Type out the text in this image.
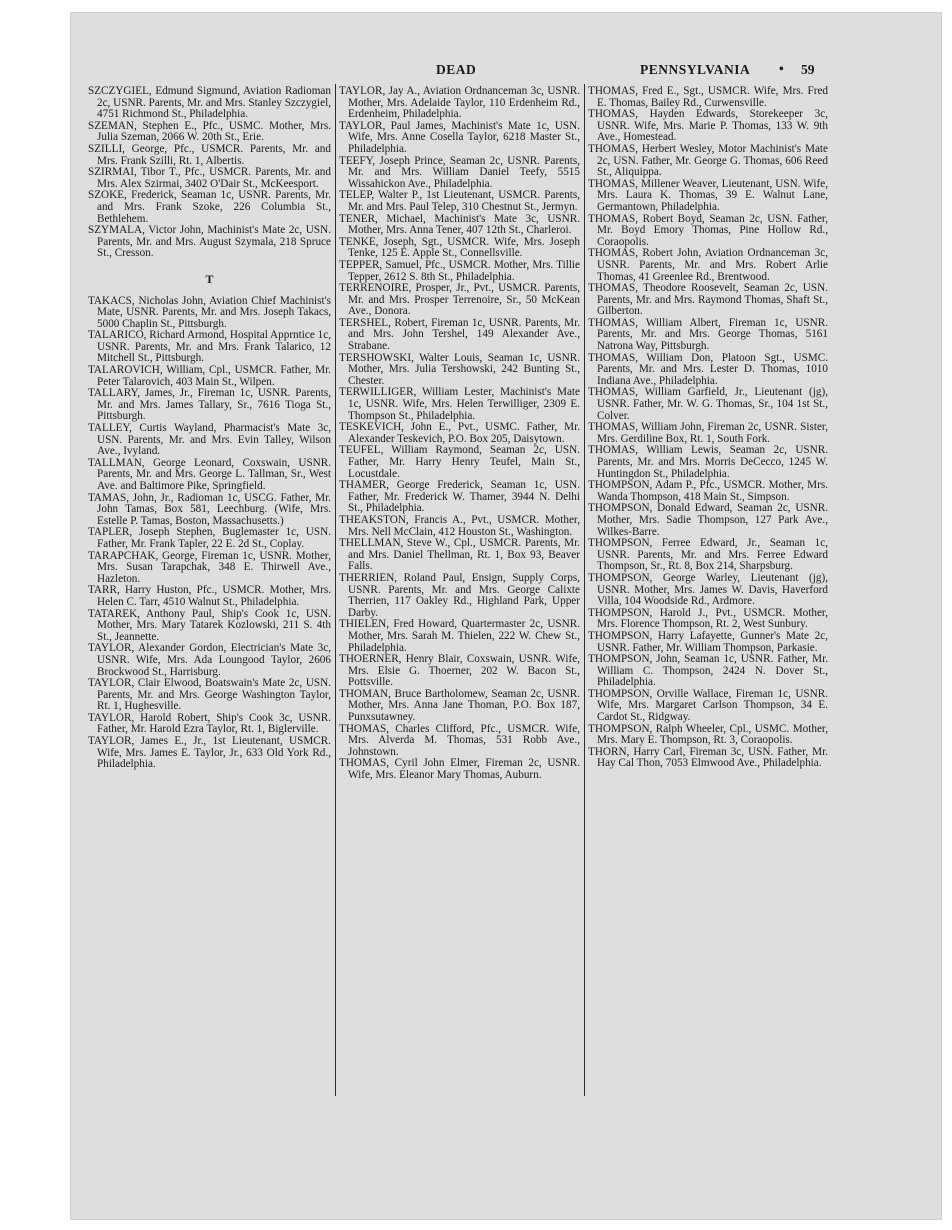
DEAD	PENNSYLVANIA • 59

SZCZYGIEL, Edmund Sigmund, Aviation Radioman 2c, USNR. Parents, Mr. and Mrs. Stanley Szczygiel, 4751 Richmond St., Philadelphia.

SZEMAN, Stephen E., Pfc., USMC. Mother, Mrs. Julia Szeman, 2066 W. 20th St., Erie.

SZILLI, George, Pfc., USMCR. Parents, Mr. and Mrs. Frank Szilli, Rt. 1, Albertis.

SZIRMAI, Tibor T., Pfc., USMCR. Parents, Mr. and Mrs. Alex Szirmai, 3402 O'Dair St., McKeesport.

SZOKE, Frederick, Seaman 1c, USNR. Parents, Mr. and Mrs. Frank Szoke, 226 Columbia St., Bethlehem.

SZYMALA, Victor John, Machinist's Mate 2c, USN. Parents, Mr. and Mrs. August Szymala, 218 Spruce St., Cresson.

T

TAKACS, Nicholas John, Aviation Chief Machinist's Mate, USNR. Parents, Mr. and Mrs. Joseph Takacs, 5000 Chaplin St., Pittsburgh.

TALARICO, Richard Armond, Hospital Apprntice 1c, USNR. Parents, Mr. and Mrs. Frank Talarico, 12 Mitchell St., Pittsburgh.

TALAROVICH, William, Cpl., USMCR. Father, Mr. Peter Talarovich, 403 Main St., Wilpen.

TALLARY, James, Jr., Fireman 1c, USNR. Parents, Mr. and Mrs. James Tallary, Sr., 7616 Tioga St., Pittsburgh.

TALLEY, Curtis Wayland, Pharmacist's Mate 3c, USN. Parents, Mr. and Mrs. Evin Talley, Wilson Ave., Ivyland.

TALLMAN, George Leonard, Coxswain, USNR. Parents, Mr. and Mrs. George L. Tallman, Sr., West Ave. and Baltimore Pike, Springfield.

TAMAS, John, Jr., Radioman 1c, USCG. Father, Mr. John Tamas, Box 581, Leechburg. (Wife, Mrs. Estelle P. Tamas, Boston, Massachusetts.)

TAPLER, Joseph Stephen, Buglemaster 1c, USN. Father, Mr. Frank Tapler, 22 E. 2d St., Coplay.

TARAPCHAK, George, Fireman 1c, USNR. Mother, Mrs. Susan Tarapchak, 348 E. Thirwell Ave., Hazleton.

TARR, Harry Huston, Pfc., USMCR. Mother, Mrs. Helen C. Tarr, 4510 Walnut St., Philadelphia.

TATAREK, Anthony Paul, Ship's Cook 1c, USN. Mother, Mrs. Mary Tatarek Kozlowski, 211 S. 4th St., Jeannette.

TAYLOR, Alexander Gordon, Electrician's Mate 3c, USNR. Wife, Mrs. Ada Loungood Taylor, 2606 Brockwood St., Harrisburg.

TAYLOR, Clair Elwood, Boatswain's Mate 2c, USN. Parents, Mr. and Mrs. George Washington Taylor, Rt. 1, Hughesville.

TAYLOR, Harold Robert, Ship's Cook 3c, USNR. Father, Mr. Harold Ezra Taylor, Rt. 1, Biglerville.

TAYLOR, James E., Jr., 1st Lieutenant, USMCR. Wife, Mrs. James E. Taylor, Jr., 633 Old York Rd., Philadelphia.

TAYLOR, Jay A., Aviation Ordnanceman 3c, USNR. Mother, Mrs. Adelaide Taylor, 110 Erdenheim Rd., Erdenheim, Philadelphia.

TAYLOR, Paul James, Machinist's Mate 1c, USN. Wife, Mrs. Anne Cosella Taylor, 6218 Master St., Philadelphia.

TEEFY, Joseph Prince, Seaman 2c, USNR. Parents, Mr. and Mrs. William Daniel Teefy, 5515 Wissahickon Ave., Philadelphia.

TELEP, Walter P., 1st Lieutenant, USMCR. Parents, Mr. and Mrs. Paul Telep, 310 Chestnut St., Jermyn.

TENER, Michael, Machinist's Mate 3c, USNR. Mother, Mrs. Anna Tener, 407 12th St., Charleroi.

TENKE, Joseph, Sgt., USMCR. Wife, Mrs. Joseph Tenke, 125 E. Apple St., Connellsville.

TEPPER, Samuel, Pfc., USMCR. Mother, Mrs. Tillie Tepper, 2612 S. 8th St., Philadelphia.

TERRENOIRE, Prosper, Jr., Pvt., USMCR. Parents, Mr. and Mrs. Prosper Terrenoire, Sr., 50 McKean Ave., Donora.

TERSHEL, Robert, Fireman 1c, USNR. Parents, Mr. and Mrs. John Tershel, 149 Alexander Ave., Strabane.

TERSHOWSKI, Walter Louis, Seaman 1c, USNR. Mother, Mrs. Julia Tershowski, 242 Bunting St., Chester.

TERWILLIGER, William Lester, Machinist's Mate 1c, USNR. Wife, Mrs. Helen Terwilliger, 2309 E. Thompson St., Philadelphia.

TESKEVICH, John E., Pvt., USMC. Father, Mr. Alexander Teskevich, P.O. Box 205, Daisytown.

TEUFEL, William Raymond, Seaman 2c, USN. Father, Mr. Harry Henry Teufel, Main St., Locustdale.

THAMER, George Frederick, Seaman 1c, USN. Father, Mr. Frederick W. Thamer, 3944 N. Delhi St., Philadelphia.

THEAKSTON, Francis A., Pvt., USMCR. Mother, Mrs. Nell McClain, 412 Houston St., Washington.

THELLMAN, Steve W., Cpl., USMCR. Parents, Mr. and Mrs. Daniel Thellman, Rt. 1, Box 93, Beaver Falls.

THERRIEN, Roland Paul, Ensign, Supply Corps, USNR. Parents, Mr. and Mrs. George Calixte Therrien, 117 Oakley Rd., Highland Park, Upper Darby.

THIELEN, Fred Howard, Quartermaster 2c, USNR. Mother, Mrs. Sarah M. Thielen, 222 W. Chew St., Philadelphia.

THOERNER, Henry Blair, Coxswain, USNR. Wife, Mrs. Elsie G. Thoerner, 202 W. Bacon St., Pottsville.

THOMAN, Bruce Bartholomew, Seaman 2c, USNR. Mother, Mrs. Anna Jane Thoman, P.O. Box 187, Punxsutawney.

THOMAS, Charles Clifford, Pfc., USMCR. Wife, Mrs. Alverda M. Thomas, 531 Robb Ave., Johnstown.

THOMAS, Cyril John Elmer, Fireman 2c, USNR. Wife, Mrs. Eleanor Mary Thomas, Auburn.

THOMAS, Fred E., Sgt., USMCR. Wife, Mrs. Fred E. Thomas, Bailey Rd., Curwensville.

THOMAS, Hayden Edwards, Storekeeper 3c, USNR. Wife, Mrs. Marie P. Thomas, 133 W. 9th Ave., Homestead.

THOMAS, Herbert Wesley, Motor Machinist's Mate 2c, USN. Father, Mr. George G. Thomas, 606 Reed St., Aliquippa.

THOMAS, Millener Weaver, Lieutenant, USN. Wife, Mrs. Laura K. Thomas, 39 E. Walnut Lane, Germantown, Philadelphia.

THOMAS, Robert Boyd, Seaman 2c, USN. Father, Mr. Boyd Emory Thomas, Pine Hollow Rd., Coraopolis.

THOMAS, Robert John, Aviation Ordnanceman 3c, USNR. Parents, Mr. and Mrs. Robert Arlie Thomas, 41 Greenlee Rd., Brentwood.

THOMAS, Theodore Roosevelt, Seaman 2c, USN. Parents, Mr. and Mrs. Raymond Thomas, Shaft St., Gilberton.

THOMAS, William Albert, Fireman 1c, USNR. Parents, Mr. and Mrs. George Thomas, 5161 Natrona Way, Pittsburgh.

THOMAS, William Don, Platoon Sgt., USMC. Parents, Mr. and Mrs. Lester D. Thomas, 1010 Indiana Ave., Philadelphia.

THOMAS, William Garfield, Jr., Lieutenant (jg), USNR. Father, Mr. W. G. Thomas, Sr., 104 1st St., Colver.

THOMAS, William John, Fireman 2c, USNR. Sister, Mrs. Gerdiline Box, Rt. 1, South Fork.

THOMAS, William Lewis, Seaman 2c, USNR. Parents, Mr. and Mrs. Morris DeCecco, 1245 W. Huntingdon St., Philadelphia.

THOMPSON, Adam P., Pfc., USMCR. Mother, Mrs. Wanda Thompson, 418 Main St., Simpson.

THOMPSON, Donald Edward, Seaman 2c, USNR. Mother, Mrs. Sadie Thompson, 127 Park Ave., Wilkes-Barre.

THOMPSON, Ferree Edward, Jr., Seaman 1c, USNR. Parents, Mr. and Mrs. Ferree Edward Thompson, Sr., Rt. 8, Box 214, Sharpsburg.

THOMPSON, George Warley, Lieutenant (jg), USNR. Mother, Mrs. James W. Davis, Haverford Villa, 104 Woodside Rd., Ardmore.

THOMPSON, Harold J., Pvt., USMCR. Mother, Mrs. Florence Thompson, Rt. 2, West Sunbury.

THOMPSON, Harry Lafayette, Gunner's Mate 2c, USNR. Father, Mr. William Thompson, Parkasie.

THOMPSON, John, Seaman 1c, USNR. Father, Mr. William C. Thompson, 2424 N. Dover St., Philadelphia.

THOMPSON, Orville Wallace, Fireman 1c, USNR. Wife, Mrs. Margaret Carlson Thompson, 34 E. Cardot St., Ridgway.

THOMPSON, Ralph Wheeler, Cpl., USMC. Mother, Mrs. Mary E. Thompson, Rt. 3, Coraopolis.

THORN, Harry Carl, Fireman 3c, USN. Father, Mr. Hay Cal Thon, 7053 Elmwood Ave., Philadelphia.
